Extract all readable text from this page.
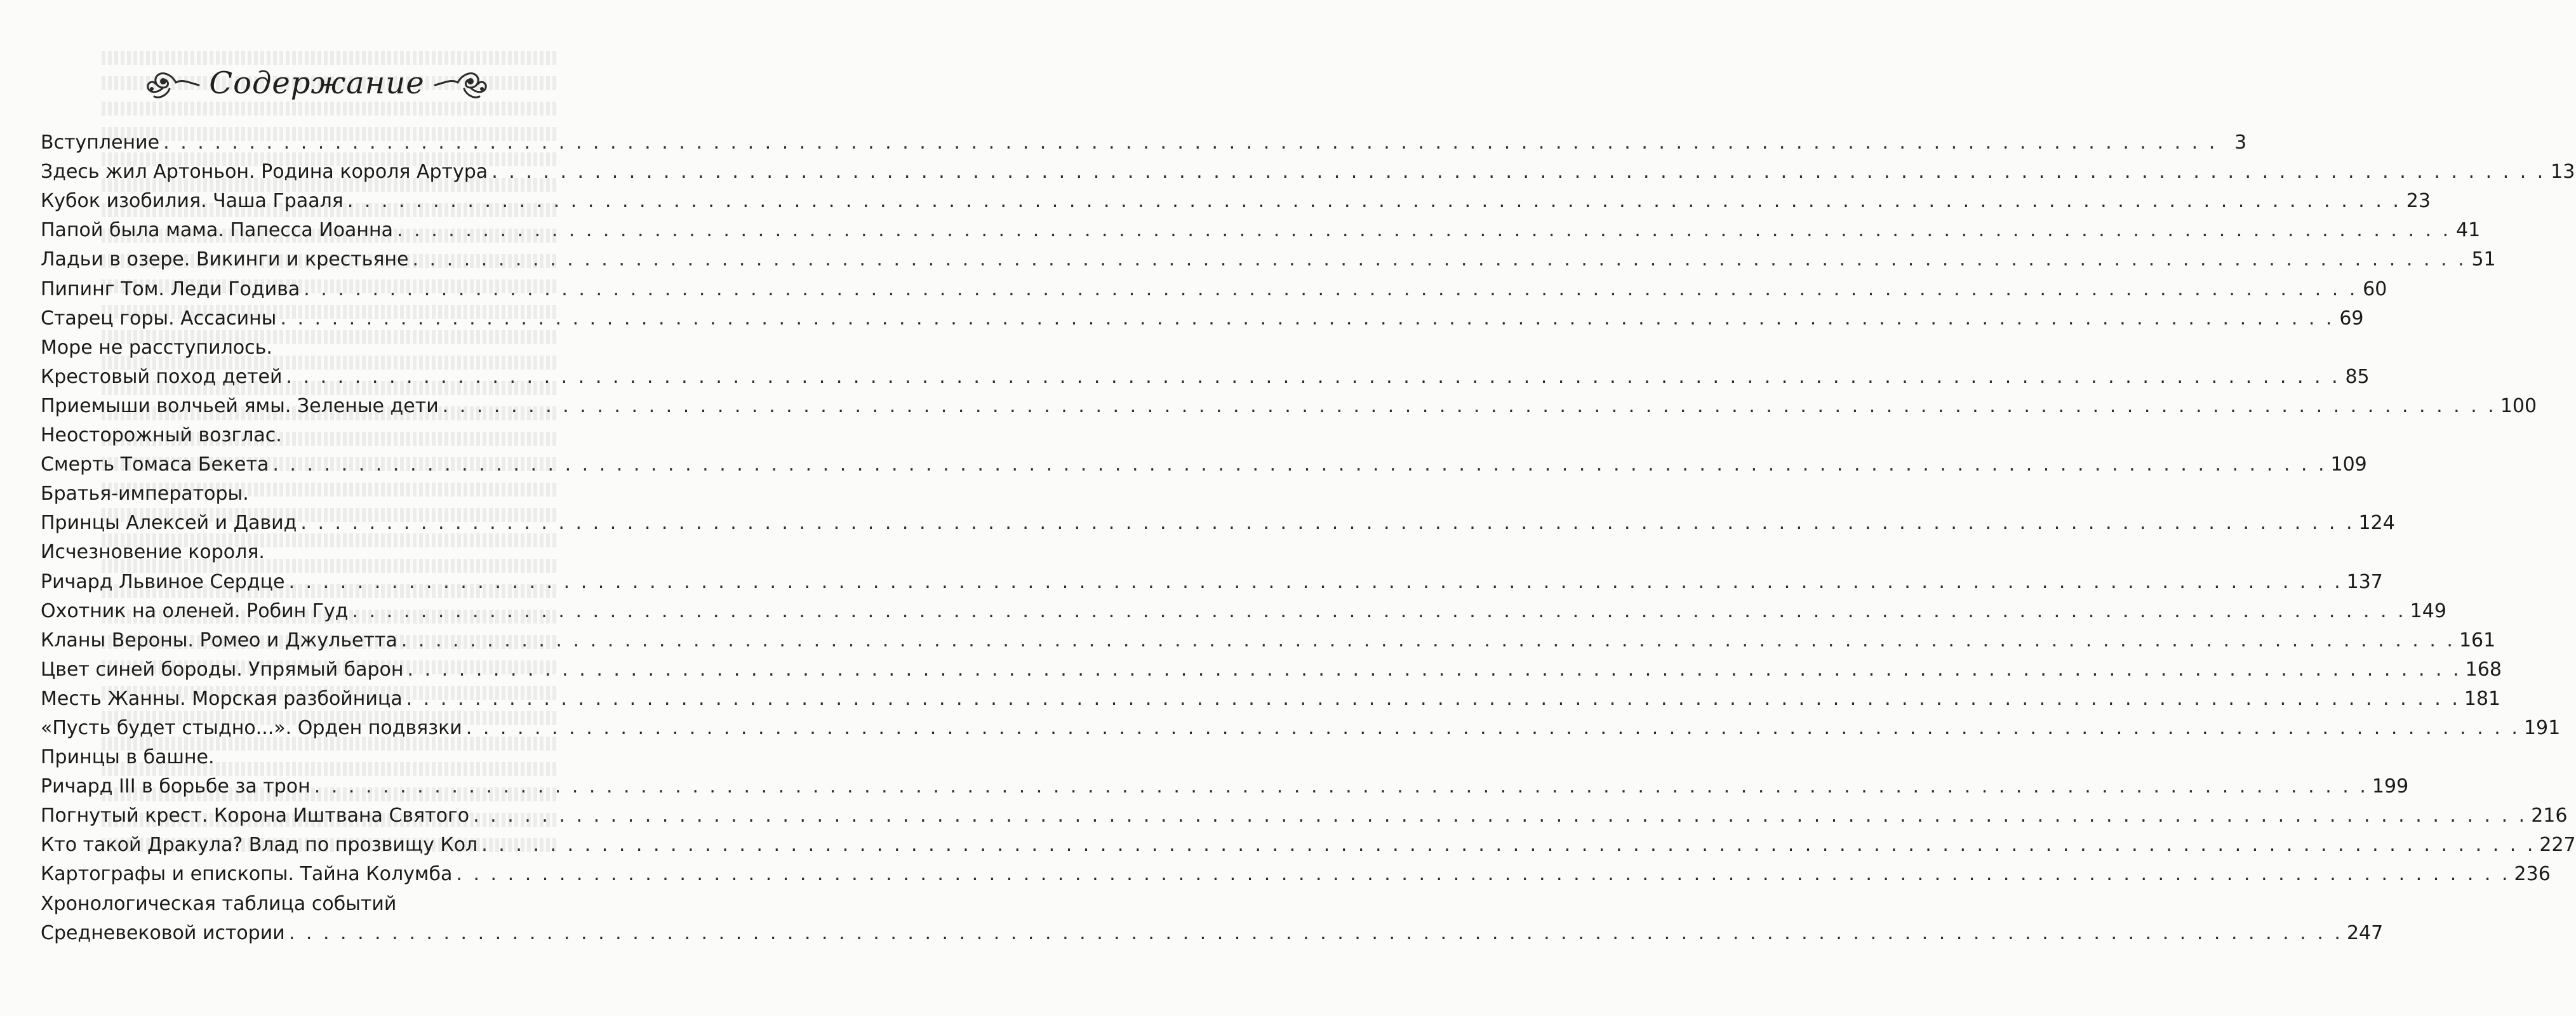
Содержание
Вступление . . . . . . . . . . . . . . . . . . . . . . . . . . . . . . . . . . . . . . . . . . . . . . . . . . . . . . . . . . . . . . . . . . . . . . . . . . . . . . . . . . . . . . . . . . . . . . . . . . . . . . . . . . . . . . . . . . . . . . . . 3
Здесь жил Артоньон. Родина короля Артура . . . . . . . . . . . . . . . . . . . . . . . . . . . . . . . . . . . . . . . . . . . . . . . . . . . . . . . . . . . . . . . . . . . . . . . . . . . . . . . . . . . . . . . . . . . . . . . . . . . . . . . . . . . . . . . . . . . . . . . . 13
Кубок изобилия. Чаша Грааля . . . . . . . . . . . . . . . . . . . . . . . . . . . . . . . . . . . . . . . . . . . . . . . . . . . . . . . . . . . . . . . . . . . . . . . . . . . . . . . . . . . . . . . . . . . . . . . . . . . . . . . . . . . . . . . . . . . . . . . . 23
Папой была мама. Папесса Иоанна . . . . . . . . . . . . . . . . . . . . . . . . . . . . . . . . . . . . . . . . . . . . . . . . . . . . . . . . . . . . . . . . . . . . . . . . . . . . . . . . . . . . . . . . . . . . . . . . . . . . . . . . . . . . . . . . . . . . . . . . 41
Ладьи в озере. Викинги и крестьяне . . . . . . . . . . . . . . . . . . . . . . . . . . . . . . . . . . . . . . . . . . . . . . . . . . . . . . . . . . . . . . . . . . . . . . . . . . . . . . . . . . . . . . . . . . . . . . . . . . . . . . . . . . . . . . . . . . . . . . . . 51
Пипинг Том. Леди Годива . . . . . . . . . . . . . . . . . . . . . . . . . . . . . . . . . . . . . . . . . . . . . . . . . . . . . . . . . . . . . . . . . . . . . . . . . . . . . . . . . . . . . . . . . . . . . . . . . . . . . . . . . . . . . . . . . . . . . . . . 60
Старец горы. Ассасины . . . . . . . . . . . . . . . . . . . . . . . . . . . . . . . . . . . . . . . . . . . . . . . . . . . . . . . . . . . . . . . . . . . . . . . . . . . . . . . . . . . . . . . . . . . . . . . . . . . . . . . . . . . . . . . . . . . . . . . . 69
Море не расступилось.
Крестовый поход детей . . . . . . . . . . . . . . . . . . . . . . . . . . . . . . . . . . . . . . . . . . . . . . . . . . . . . . . . . . . . . . . . . . . . . . . . . . . . . . . . . . . . . . . . . . . . . . . . . . . . . . . . . . . . . . . . . . . . . . . . 85
Приемыши волчьей ямы. Зеленые дети . . . . . . . . . . . . . . . . . . . . . . . . . . . . . . . . . . . . . . . . . . . . . . . . . . . . . . . . . . . . . . . . . . . . . . . . . . . . . . . . . . . . . . . . . . . . . . . . . . . . . . . . . . . . . . . . . . . . . . . . 100
Неосторожный возглас.
Смерть Томаса Бекета . . . . . . . . . . . . . . . . . . . . . . . . . . . . . . . . . . . . . . . . . . . . . . . . . . . . . . . . . . . . . . . . . . . . . . . . . . . . . . . . . . . . . . . . . . . . . . . . . . . . . . . . . . . . . . . . . . . . . . . . 109
Братья-императоры.
Принцы Алексей и Давид . . . . . . . . . . . . . . . . . . . . . . . . . . . . . . . . . . . . . . . . . . . . . . . . . . . . . . . . . . . . . . . . . . . . . . . . . . . . . . . . . . . . . . . . . . . . . . . . . . . . . . . . . . . . . . . . . . . . . . . . 124
Исчезновение короля.
Ричард Львиное Сердце . . . . . . . . . . . . . . . . . . . . . . . . . . . . . . . . . . . . . . . . . . . . . . . . . . . . . . . . . . . . . . . . . . . . . . . . . . . . . . . . . . . . . . . . . . . . . . . . . . . . . . . . . . . . . . . . . . . . . . . . 137
Охотник на оленей. Робин Гуд . . . . . . . . . . . . . . . . . . . . . . . . . . . . . . . . . . . . . . . . . . . . . . . . . . . . . . . . . . . . . . . . . . . . . . . . . . . . . . . . . . . . . . . . . . . . . . . . . . . . . . . . . . . . . . . . . . . . . . . . 149
Кланы Вероны. Ромео и Джульетта . . . . . . . . . . . . . . . . . . . . . . . . . . . . . . . . . . . . . . . . . . . . . . . . . . . . . . . . . . . . . . . . . . . . . . . . . . . . . . . . . . . . . . . . . . . . . . . . . . . . . . . . . . . . . . . . . . . . . . . . 161
Цвет синей бороды. Упрямый барон . . . . . . . . . . . . . . . . . . . . . . . . . . . . . . . . . . . . . . . . . . . . . . . . . . . . . . . . . . . . . . . . . . . . . . . . . . . . . . . . . . . . . . . . . . . . . . . . . . . . . . . . . . . . . . . . . . . . . . . . 168
Месть Жанны. Морская разбойница . . . . . . . . . . . . . . . . . . . . . . . . . . . . . . . . . . . . . . . . . . . . . . . . . . . . . . . . . . . . . . . . . . . . . . . . . . . . . . . . . . . . . . . . . . . . . . . . . . . . . . . . . . . . . . . . . . . . . . . . 181
«Пусть будет стыдно...». Орден подвязки . . . . . . . . . . . . . . . . . . . . . . . . . . . . . . . . . . . . . . . . . . . . . . . . . . . . . . . . . . . . . . . . . . . . . . . . . . . . . . . . . . . . . . . . . . . . . . . . . . . . . . . . . . . . . . . . . . . . . . . . 191
Принцы в башне.
Ричард III в борьбе за трон . . . . . . . . . . . . . . . . . . . . . . . . . . . . . . . . . . . . . . . . . . . . . . . . . . . . . . . . . . . . . . . . . . . . . . . . . . . . . . . . . . . . . . . . . . . . . . . . . . . . . . . . . . . . . . . . . . . . . . . . 199
Погнутый крест. Корона Иштвана Святого . . . . . . . . . . . . . . . . . . . . . . . . . . . . . . . . . . . . . . . . . . . . . . . . . . . . . . . . . . . . . . . . . . . . . . . . . . . . . . . . . . . . . . . . . . . . . . . . . . . . . . . . . . . . . . . . . . . . . . . . 216
Кто такой Дракула? Влад по прозвищу Кол . . . . . . . . . . . . . . . . . . . . . . . . . . . . . . . . . . . . . . . . . . . . . . . . . . . . . . . . . . . . . . . . . . . . . . . . . . . . . . . . . . . . . . . . . . . . . . . . . . . . . . . . . . . . . . . . . . . . . . . . 227
Картографы и епископы. Тайна Колумба . . . . . . . . . . . . . . . . . . . . . . . . . . . . . . . . . . . . . . . . . . . . . . . . . . . . . . . . . . . . . . . . . . . . . . . . . . . . . . . . . . . . . . . . . . . . . . . . . . . . . . . . . . . . . . . . . . . . . . . . 236
Хронологическая таблица событий
Средневековой истории . . . . . . . . . . . . . . . . . . . . . . . . . . . . . . . . . . . . . . . . . . . . . . . . . . . . . . . . . . . . . . . . . . . . . . . . . . . . . . . . . . . . . . . . . . . . . . . . . . . . . . . . . . . . . . . . . . . . . . . . 247
